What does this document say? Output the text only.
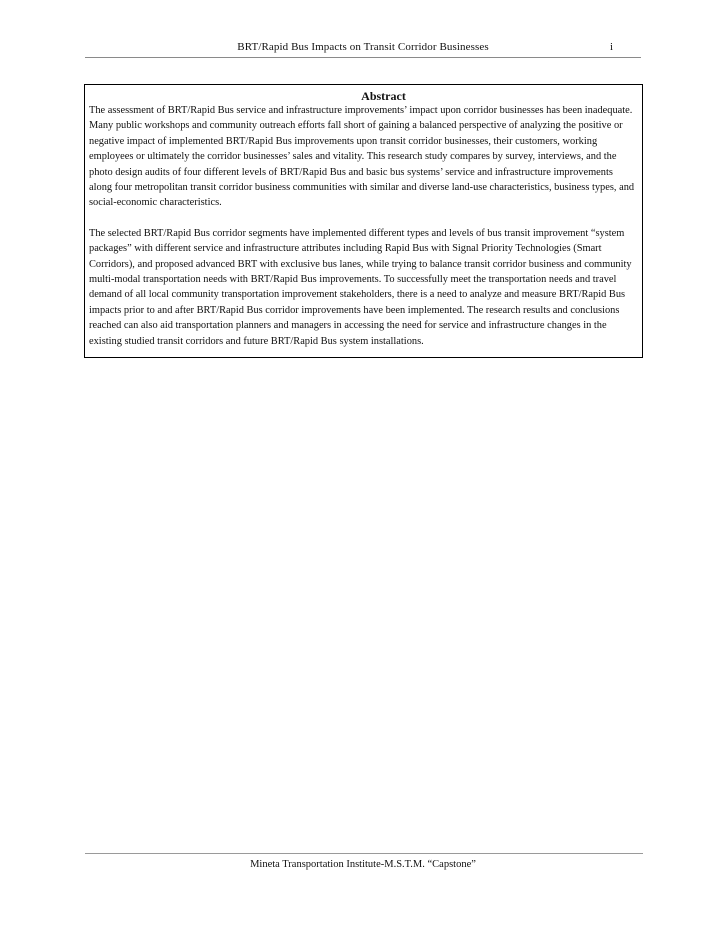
BRT/Rapid Bus Impacts on Transit Corridor Businesses	i
Abstract

The assessment of BRT/Rapid Bus service and infrastructure improvements’ impact upon corridor businesses has been inadequate. Many public workshops and community outreach efforts fall short of gaining a balanced perspective of analyzing the positive or negative impact of implemented BRT/Rapid Bus improvements upon transit corridor businesses, their customers, working employees or ultimately the corridor businesses’ sales and vitality. This research study compares by survey, interviews, and the photo design audits of four different levels of BRT/Rapid Bus and basic bus systems’ service and infrastructure improvements along four metropolitan transit corridor business communities with similar and diverse land-use characteristics, business types, and social-economic characteristics.

The selected BRT/Rapid Bus corridor segments have implemented different types and levels of bus transit improvement “system packages” with different service and infrastructure attributes including Rapid Bus with Signal Priority Technologies (Smart Corridors), and proposed advanced BRT with exclusive bus lanes, while trying to balance transit corridor business and community multi-modal transportation needs with BRT/Rapid Bus improvements. To successfully meet the transportation needs and travel demand of all local community transportation improvement stakeholders, there is a need to analyze and measure BRT/Rapid Bus impacts prior to and after BRT/Rapid Bus corridor improvements have been implemented. The research results and conclusions reached can also aid transportation planners and managers in accessing the need for service and infrastructure changes in the existing studied transit corridors and future BRT/Rapid Bus system installations.

Mineta Transportation Institute-M.S.T.M. “Capstone”
